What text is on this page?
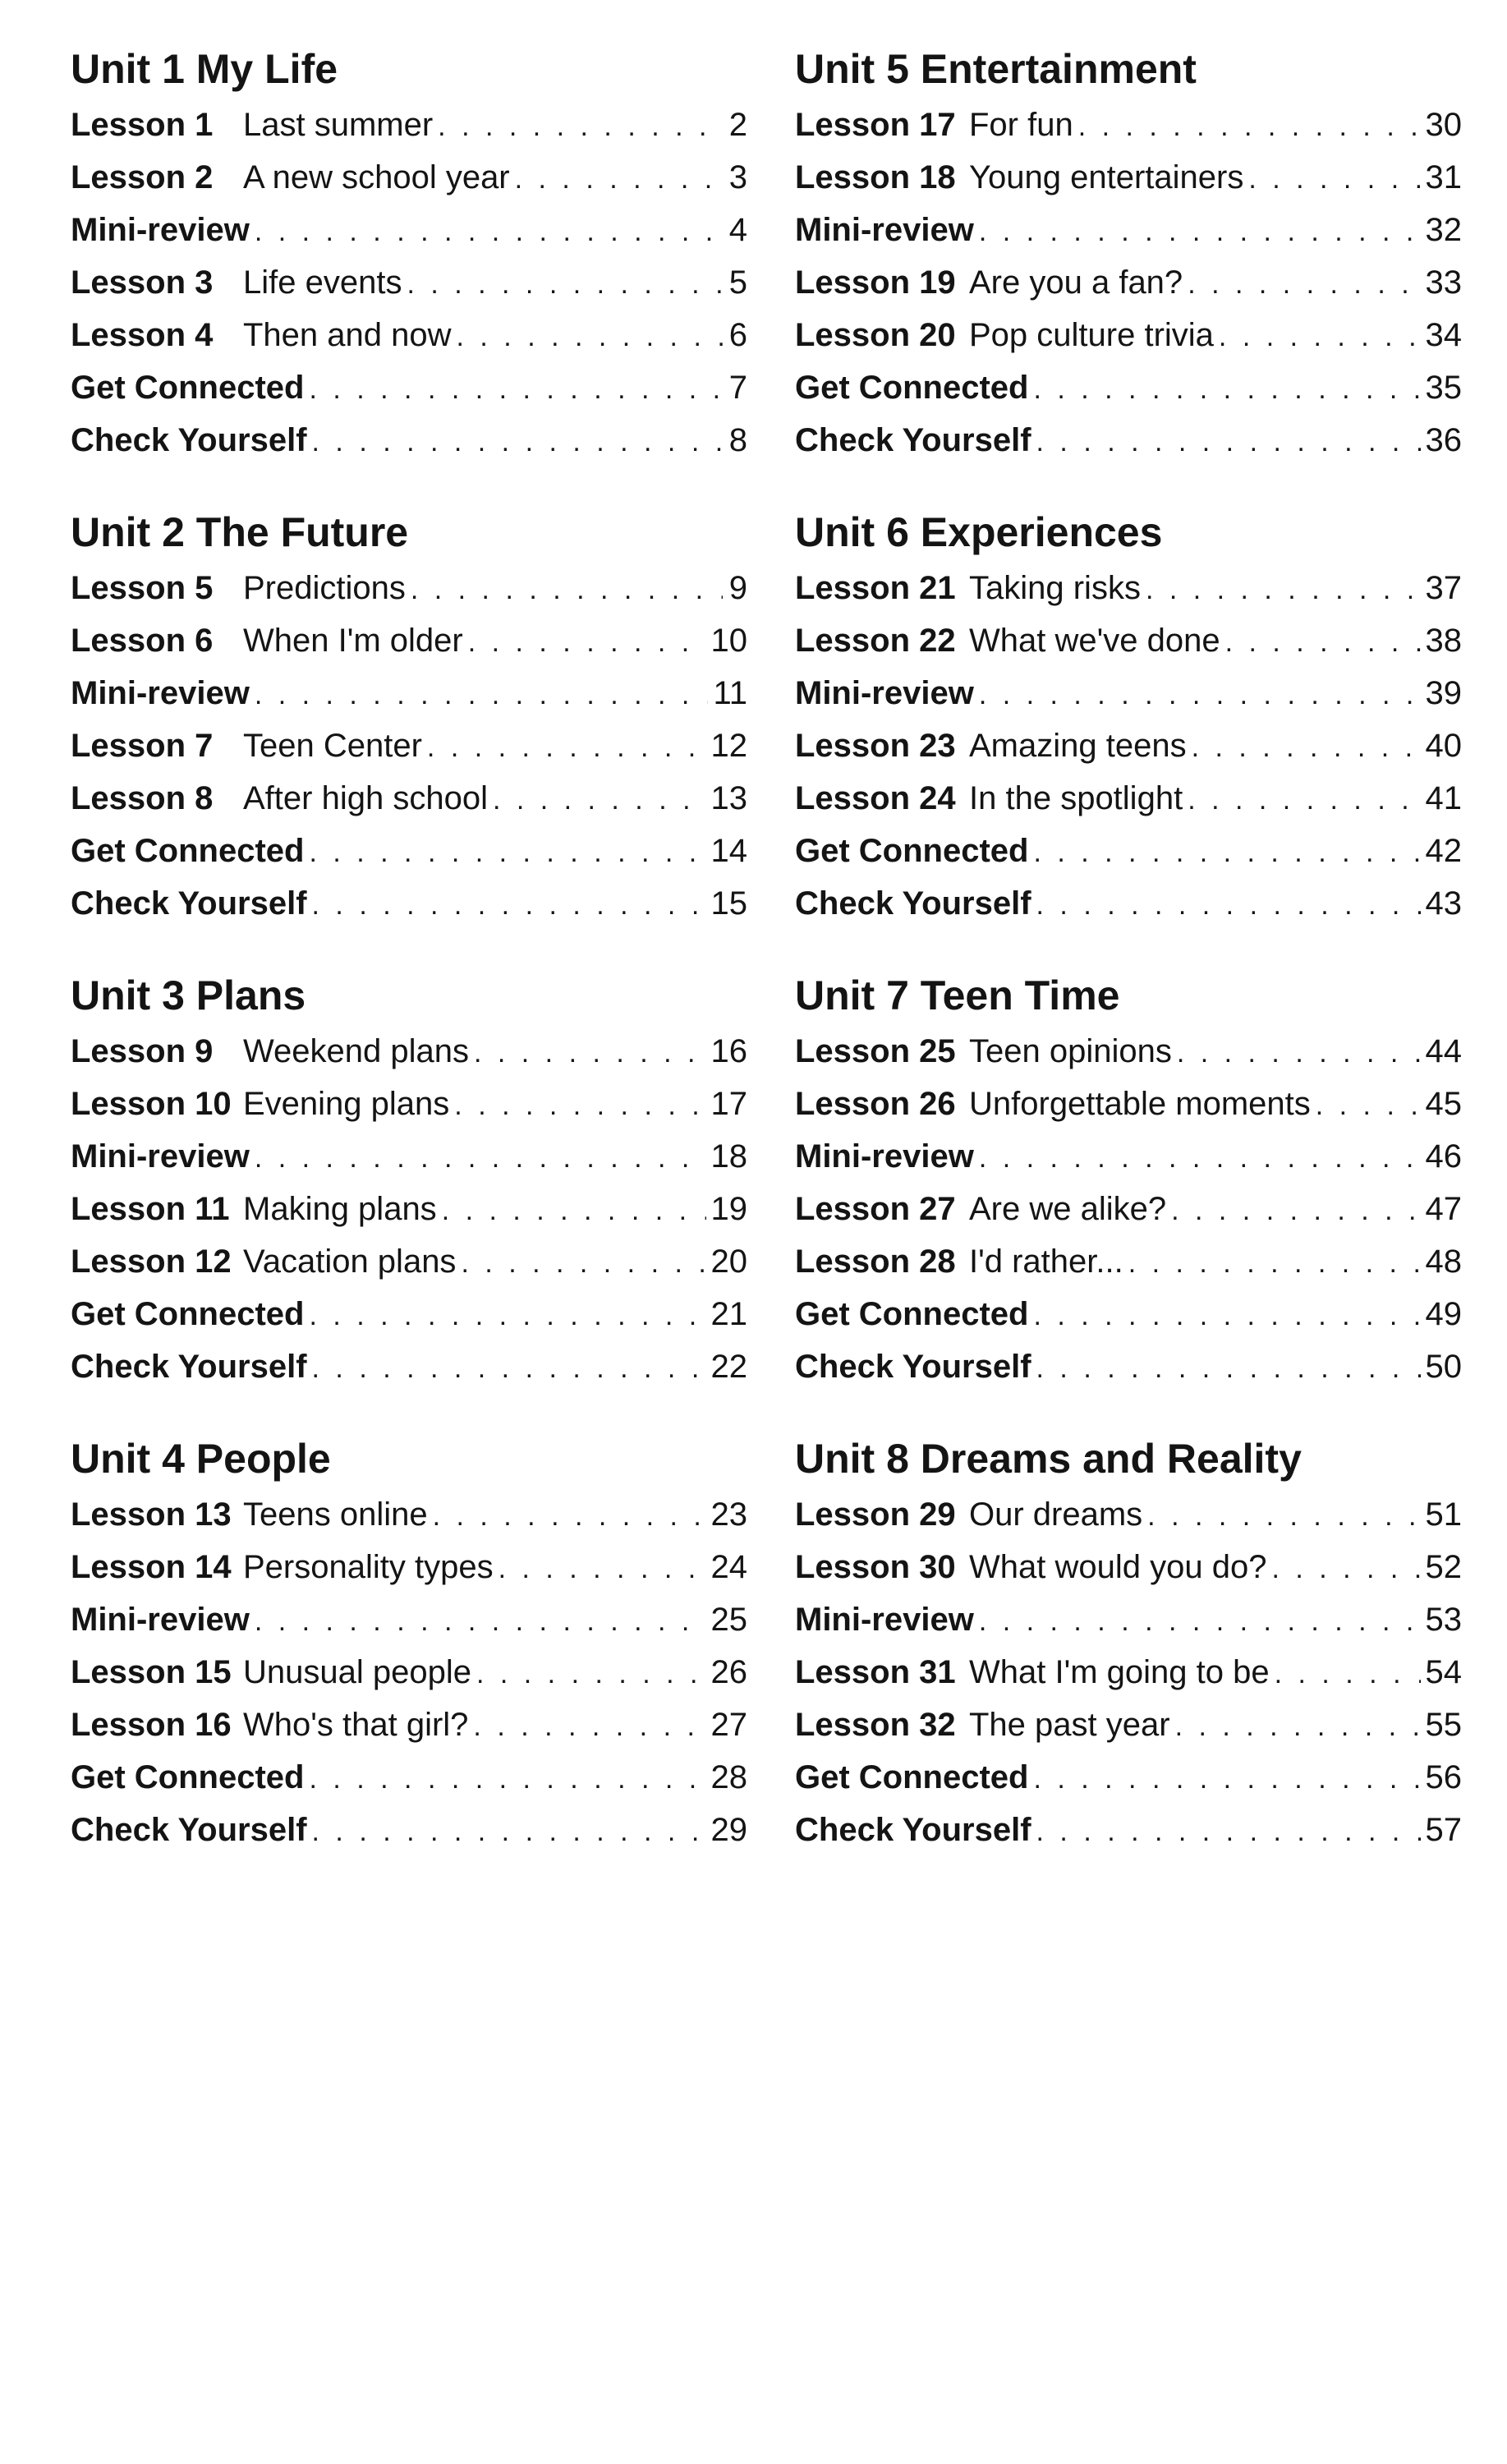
Unit 1 My Life
Lesson 1 Last summer . . .	2
Lesson 2 A new school year . . .	3
Mini-review . . .	4
Lesson 3 Life events . . .	5
Lesson 4 Then and now . . .	6
Get Connected . . .	7
Check Yourself . . .	8
Unit 2 The Future
Lesson 5 Predictions . . .	9
Lesson 6 When I'm older . . .	10
Mini-review . . .	11
Lesson 7 Teen Center . . .	12
Lesson 8 After high school . . .	13
Get Connected . . .	14
Check Yourself . . .	15
Unit 3 Plans
Lesson 9 Weekend plans . . .	16
Lesson 10 Evening plans . . .	17
Mini-review . . .	18
Lesson 11 Making plans . . .	19
Lesson 12 Vacation plans . . .	20
Get Connected . . .	21
Check Yourself . . .	22
Unit 4 People
Lesson 13 Teens online . . .	23
Lesson 14 Personality types . . .	24
Mini-review . . .	25
Lesson 15 Unusual people . . .	26
Lesson 16 Who's that girl? . . .	27
Get Connected . . .	28
Check Yourself . . .	29
Unit 5 Entertainment
Lesson 17 For fun . . .	30
Lesson 18 Young entertainers . . .	31
Mini-review . . .	32
Lesson 19 Are you a fan? . . .	33
Lesson 20 Pop culture trivia . . .	34
Get Connected . . .	35
Check Yourself . . .	36
Unit 6 Experiences
Lesson 21 Taking risks . . .	37
Lesson 22 What we've done . . .	38
Mini-review . . .	39
Lesson 23 Amazing teens . . .	40
Lesson 24 In the spotlight . . .	41
Get Connected . . .	42
Check Yourself . . .	43
Unit 7 Teen Time
Lesson 25 Teen opinions . . .	44
Lesson 26 Unforgettable moments . . .	45
Mini-review . . .	46
Lesson 27 Are we alike? . . .	47
Lesson 28 I'd rather... . . .	48
Get Connected . . .	49
Check Yourself . . .	50
Unit 8 Dreams and Reality
Lesson 29 Our dreams . . .	51
Lesson 30 What would you do? . . .	52
Mini-review . . .	53
Lesson 31 What I'm going to be . . .	54
Lesson 32 The past year . . .	55
Get Connected . . .	56
Check Yourself . . .	57
